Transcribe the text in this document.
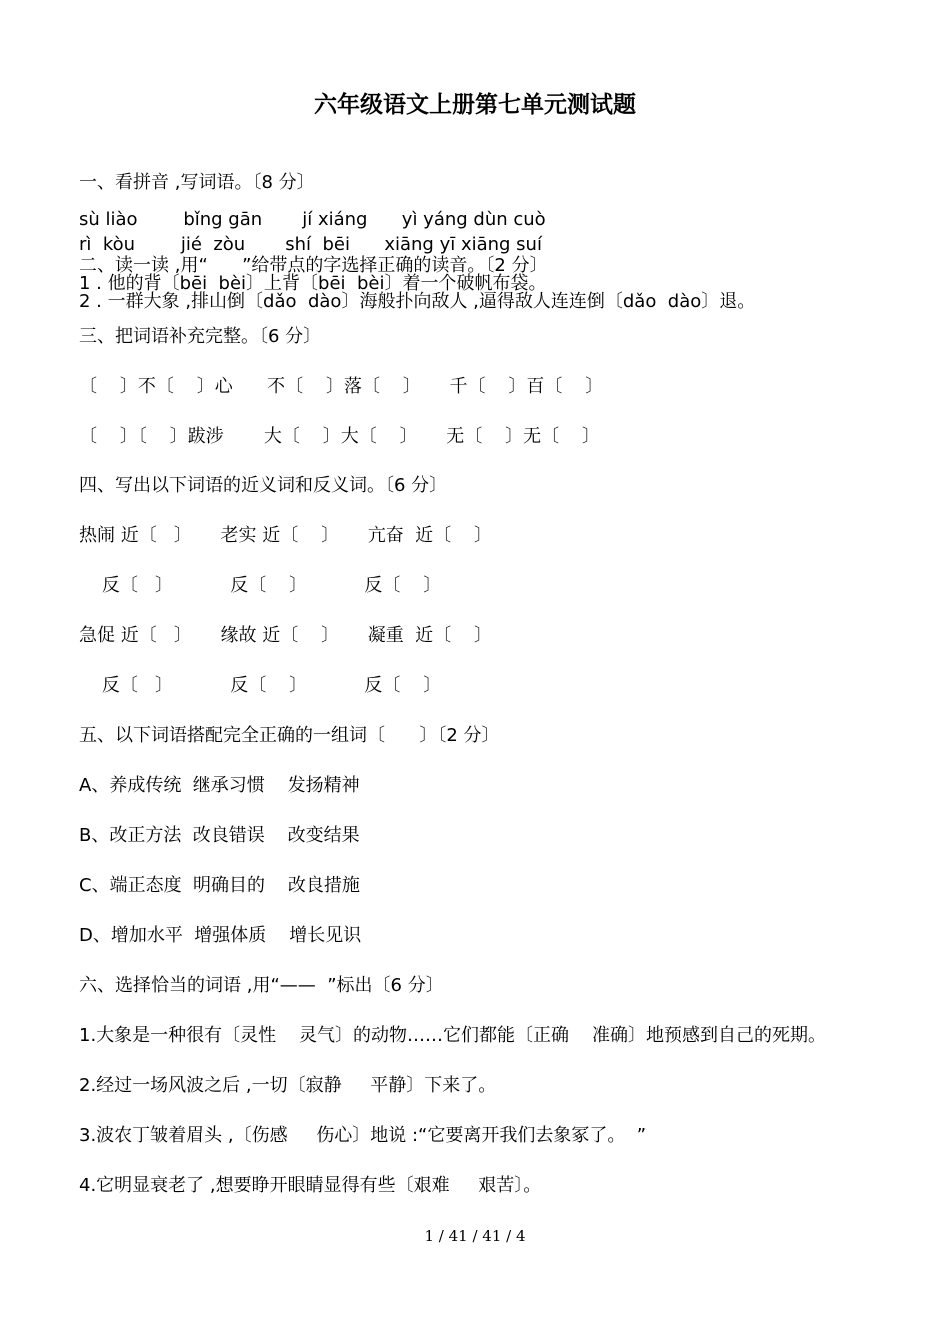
六年级语文上册第七单元测试题
一、看拼音 ,写词语。〔8 分〕
sù liào        bǐng gān       jí xiáng      yì yáng dùn cuò
rì  kòu        jié  zòu       shí  bēi      xiāng yī xiāng suí
二、读一读 ,用“      ”给带点的字选择正确的读音。〔2 分〕
1 . 他的背〔bēi  bèi〕上背〔bēi  bèi〕着一个破帆布袋。
2 . 一群大象 ,排山倒〔dǎo  dào〕海般扑向敌人 ,逼得敌人连连倒〔dǎo  dào〕退。
三、把词语补充完整。〔6 分〕
〔    〕不〔    〕心      不〔    〕落〔    〕     千〔    〕百〔    〕
〔    〕〔    〕跋涉       大〔    〕大〔    〕     无〔    〕无〔    〕
四、写出以下词语的近义词和反义词。〔6 分〕
热闹 近〔   〕     老实 近〔    〕     亢奋  近〔    〕
反〔   〕          反〔    〕          反〔    〕
急促 近〔   〕     缘故 近〔    〕     凝重  近〔    〕
反〔   〕          反〔    〕          反〔    〕
五、以下词语搭配完全正确的一组词〔      〕〔2 分〕
A、养成传统  继承习惯    发扬精神
B、改正方法  改良错误    改变结果
C、端正态度  明确目的    改良措施
D、增加水平  增强体质    增长见识
六、选择恰当的词语 ,用“——  ”标出〔6 分〕
1.大象是一种很有〔灵性    灵气〕的动物……它们都能〔正确    准确〕地预感到自己的死期。
2.经过一场风波之后 ,一切〔寂静     平静〕下来了。
3.波农丁皱着眉头 ,〔伤感     伤心〕地说 :“它要离开我们去象冢了。  ”
4.它明显衰老了 ,想要睁开眼睛显得有些〔艰难     艰苦〕。
1 / 41 / 41 / 4
